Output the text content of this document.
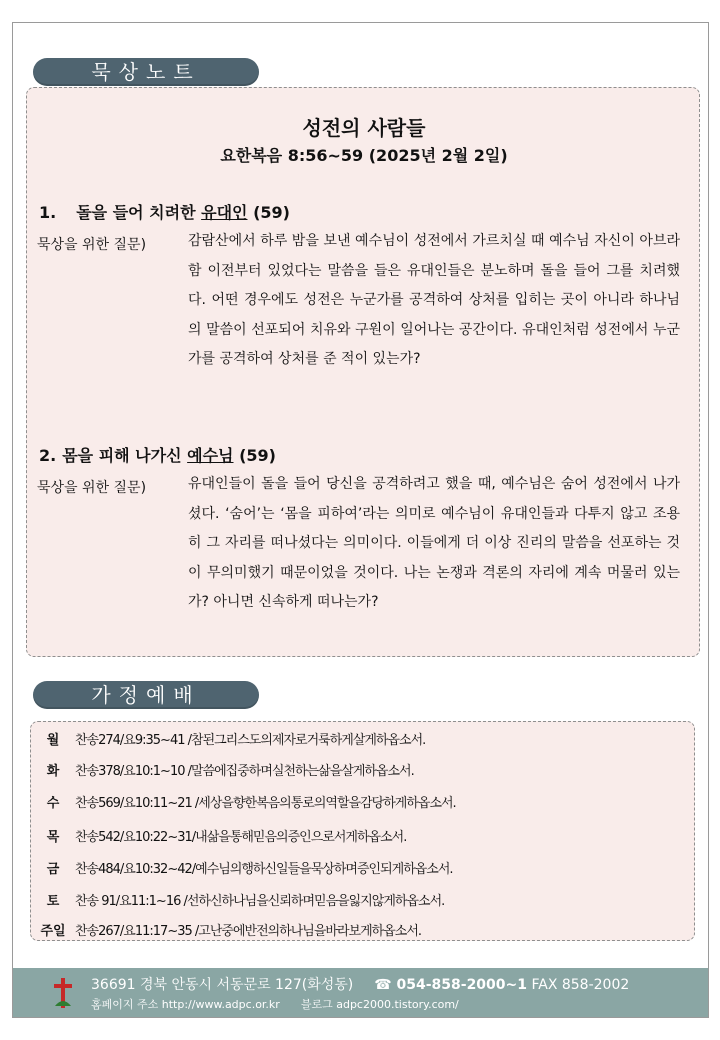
묵상노트
성전의 사람들
요한복음 8:56~59 (2025년 2월 2일)
1. 돌을 들어 치려한 유대인 (59)
묵상을 위한 질문)	감람산에서 하루 밤을 보낸 예수님이 성전에서 가르치실 때 예수님 자신이 아브라함 이전부터 있었다는 말씀을 들은 유대인들은 분노하며 돌을 들어 그를 치려했다. 어떤 경우에도 성전은 누군가를 공격하여 상처를 입히는 곳이 아니라 하나님의 말씀이 선포되어 치유와 구원이 일어나는 공간이다. 유대인처럼 성전에서 누군가를 공격하여 상처를 준 적이 있는가?
2. 몸을 피해 나가신 예수님 (59)
묵상을 위한 질문)	유대인들이 돌을 들어 당신을 공격하려고 했을 때, 예수님은 숨어 성전에서 나가셨다. ‘숨어’는 ‘몸을 피하여’라는 의미로 예수님이 유대인들과 다투지 않고 조용히 그 자리를 떠나셨다는 의미이다. 이들에게 더 이상 진리의 말씀을 선포하는 것이 무의미했기 때문이었을 것이다. 나는 논쟁과 격론의 자리에 계속 머물러 있는가? 아니면 신속하게 떠나는가?
가정예배
월	찬송274/요9:35~41 /참된그리스도의제자로거룩하게살게하옵소서.
화	찬송378/요10:1~10 /말씀에집중하며실천하는삶을살게하옵소서.
수	찬송569/요10:11~21 /세상을향한복음의통로의역할을감당하게하옵소서.
목	찬송542/요10:22~31/내삶을통해믿음의증인으로서게하옵소서.
금	찬송484/요10:32~42/예수님의행하신일들을묵상하며증인되게하옵소서.
토	찬송 91/요11:1~16 /선하신하나님을신뢰하며믿음을잃지않게하옵소서.
주일 찬송267/요11:17~35 /고난중에반전의하나님을바라보게하옵소서.
36691 경북 안동시 서동문로 127(화성동) ☎ 054-858-2000~1 FAX 858-2002
홈페이지 주소 http://www.adpc.or.kr 블로그 adpc2000.tistory.com/
